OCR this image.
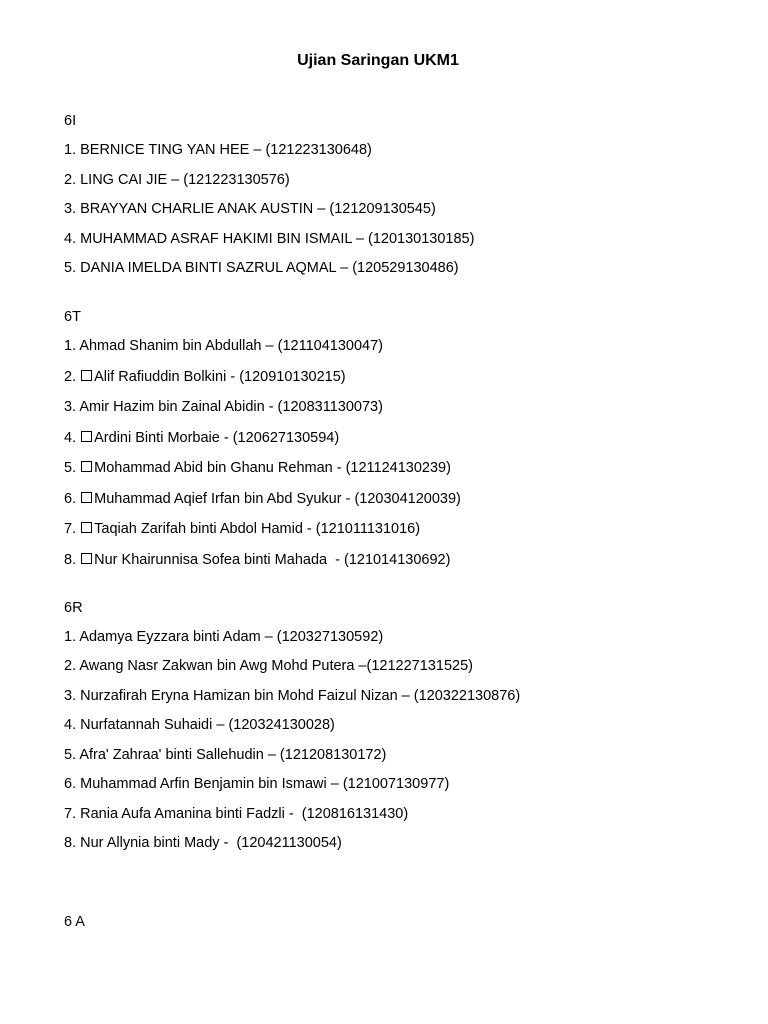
Ujian Saringan UKM1
6I
1. BERNICE TING YAN HEE – (121223130648)
2. LING CAI JIE – (121223130576)
3. BRAYYAN CHARLIE ANAK AUSTIN – (121209130545)
4. MUHAMMAD ASRAF HAKIMI BIN ISMAIL – (120130130185)
5. DANIA IMELDA BINTI SAZRUL AQMAL – (120529130486)
6T
1. Ahmad Shanim bin Abdullah – (121104130047)
2. Alif Rafiuddin Bolkini - (120910130215)
3. Amir Hazim bin Zainal Abidin - (120831130073)
4. Ardini Binti Morbaie - (120627130594)
5. Mohammad Abid bin Ghanu Rehman - (121124130239)
6. Muhammad Aqief Irfan bin Abd Syukur - (120304120039)
7. Taqiah Zarifah binti Abdol Hamid - (121011131016)
8. Nur Khairunnisa Sofea binti Mahada  - (121014130692)
6R
1. Adamya Eyzzara binti Adam – (120327130592)
2. Awang Nasr Zakwan bin Awg Mohd Putera –(121227131525)
3. Nurzafirah Eryna Hamizan bin Mohd Faizul Nizan – (120322130876)
4. Nurfatannah Suhaidi – (120324130028)
5. Afra' Zahraa' binti Sallehudin – (121208130172)
6. Muhammad Arfin Benjamin bin Ismawi – (121007130977)
7. Rania Aufa Amanina binti Fadzli -  (120816131430)
8. Nur Allynia binti Mady -  (120421130054)
6 A
